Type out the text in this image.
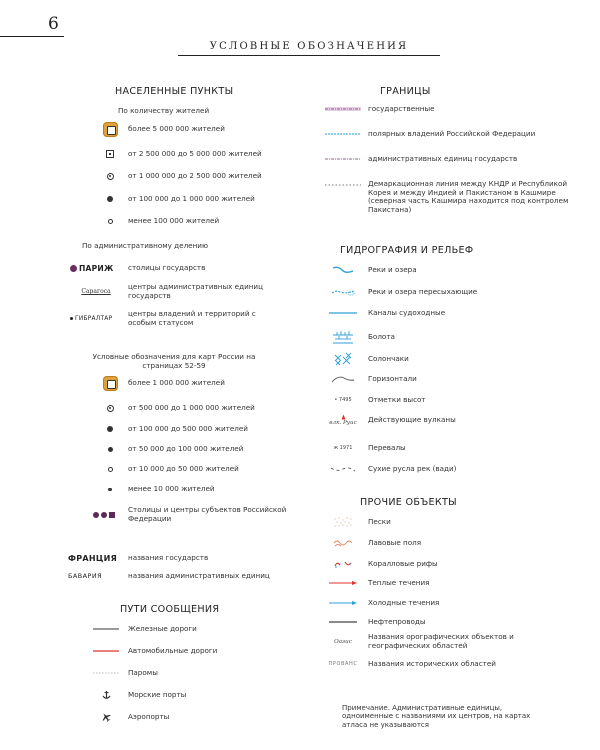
6
УСЛОВНЫЕ ОБОЗНАЧЕНИЯ
НАСЕЛЕННЫЕ ПУНКТЫ
По количеству жителей
более 5 000 000 жителей
от 2 500 000 до 5 000 000 жителей
от 1 000 000 до 2 500 000 жителей
от 100 000 до 1 000 000 жителей
менее 100 000 жителей
По административному делению
ПАРИЖ столицы государств
Сарагоса
центры административных единиц государств
ГИБРАЛТАР
центры владений и территорий с особым статусом
Условные обозначения для карт России на страницах 52-59
более 1 000 000 жителей
от 500 000 до 1 000 000 жителей
от 100 000 до 500 000 жителей
от 50 000 до 100 000 жителей
от 10 000 до 50 000 жителей
менее 10 000 жителей
Столицы и центры субъектов Российской Федерации
ФРАНЦИЯ названия государств
БАВАРИЯ	названия административных единиц
ПУТИ СООБЩЕНИЯ
Железные дороги
Автомобильные дороги
Паромы
Морские порты
Аэропорты
ГРАНИЦЫ
государственные
полярных владений Российской Федерации
административных единиц государств
Демаркационная линия между КНДР и Республикой Корея и между Индией и Пакистаном в Кашмире (северная часть Кашмира находится под контролем Пакистана)
ГИДРОГРАФИЯ И РЕЛЬЕФ
Реки и озера
Реки и озера пересыхающие
Каналы судоходные
Болота
Солончаки
Горизонтали
• 7495 Отметки высот
влк. Руис Действующие вулканы
ж 1971 Перевалы
Сухие русла рек (вади)
ПРОЧИЕ ОБЪЕКТЫ
Пески
Лавовые поля
Коралловые рифы
Теплые течения
Холодные течения
Нефтепроводы
Оазис
Названия орографических объектов и географических областей
ПРОВАНС Названия исторических областей
Примечание. Административные единицы, одноименные с названиями их центров, на картах атласа не указываются
